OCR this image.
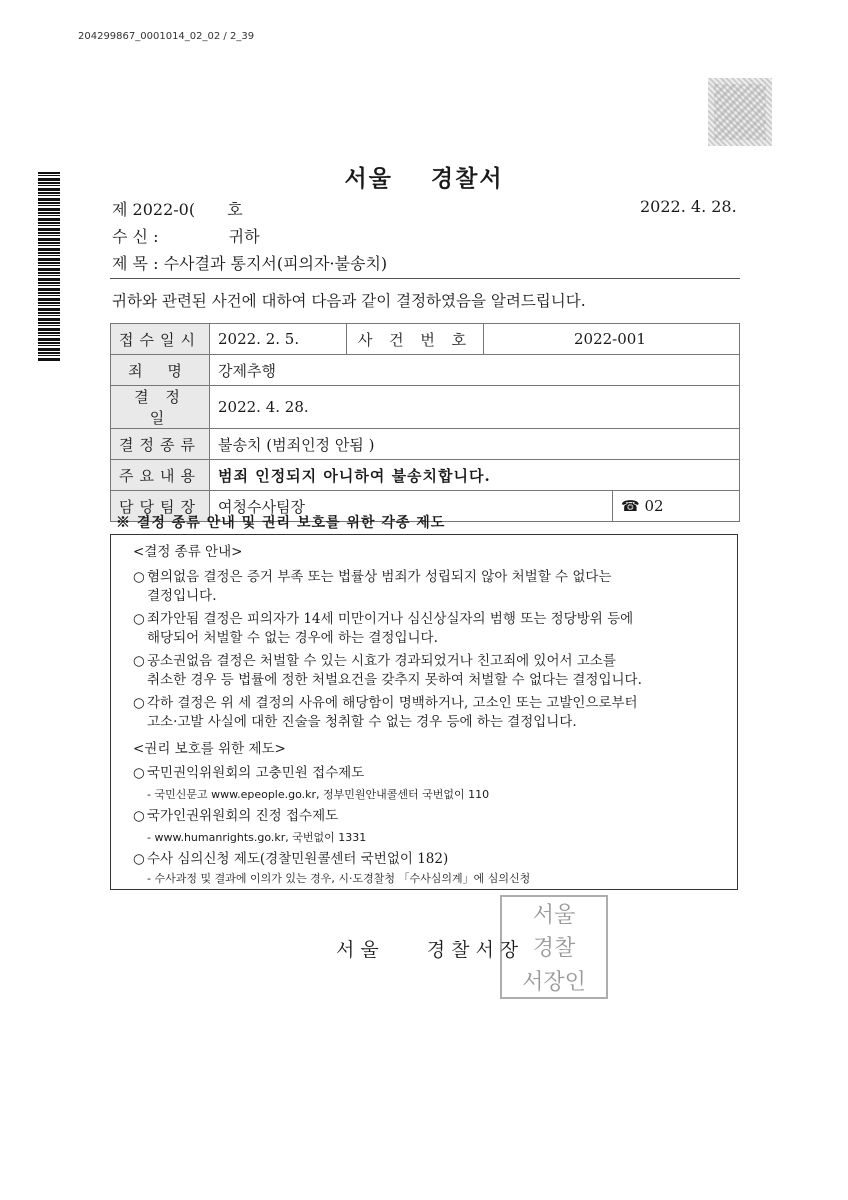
204299867_0001014_02_02 / 2_39
서울 경찰서
제 2022-0( 호	2022. 4. 28.
수 신 :	귀하
제 목 : 수사결과 통지서(피의자·불송치)
귀하와 관련된 사건에 대하여 다음과 같이 결정하였음을 알려드립니다.
접수일시	2022. 2. 5.	사 건 번 호	2022-001	
죄 명	강제추행			
결 정 일	2022. 4. 28.			
결정종류	불송치 (범죄인정 안됨 )			
주요내용	범죄 인정되지 아니하여 불송치합니다.			
담당팀장	여청수사팀장			☎ 02
※ 결정 종류 안내 및 권리 보호를 위한 각종 제도
<결정 종류 안내>
○ 혐의없음 결정은 증거 부족 또는 법률상 범죄가 성립되지 않아 처벌할 수 없다는
결정입니다.
○ 죄가안됨 결정은 피의자가 14세 미만이거나 심신상실자의 범행 또는 정당방위 등에
해당되어 처벌할 수 없는 경우에 하는 결정입니다.
○ 공소권없음 결정은 처벌할 수 있는 시효가 경과되었거나 친고죄에 있어서 고소를
취소한 경우 등 법률에 정한 처벌요건을 갖추지 못하여 처벌할 수 없다는 결정입니다.
○ 각하 결정은 위 세 결정의 사유에 해당함이 명백하거나, 고소인 또는 고발인으로부터
고소·고발 사실에 대한 진술을 청취할 수 없는 경우 등에 하는 결정입니다.
<권리 보호를 위한 제도>
○ 국민권익위원회의 고충민원 접수제도
- 국민신문고 www.epeople.go.kr, 정부민원안내콜센터 국번없이 110
○ 국가인권위원회의 진정 접수제도
- www.humanrights.go.kr, 국번없이 1331
○ 수사 심의신청 제도(경찰민원콜센터 국번없이 182)
- 수사과정 및 결과에 이의가 있는 경우, 시·도경찰청 「수사심의계」에 심의신청
서울 경찰서장
서울
경찰
서장인
